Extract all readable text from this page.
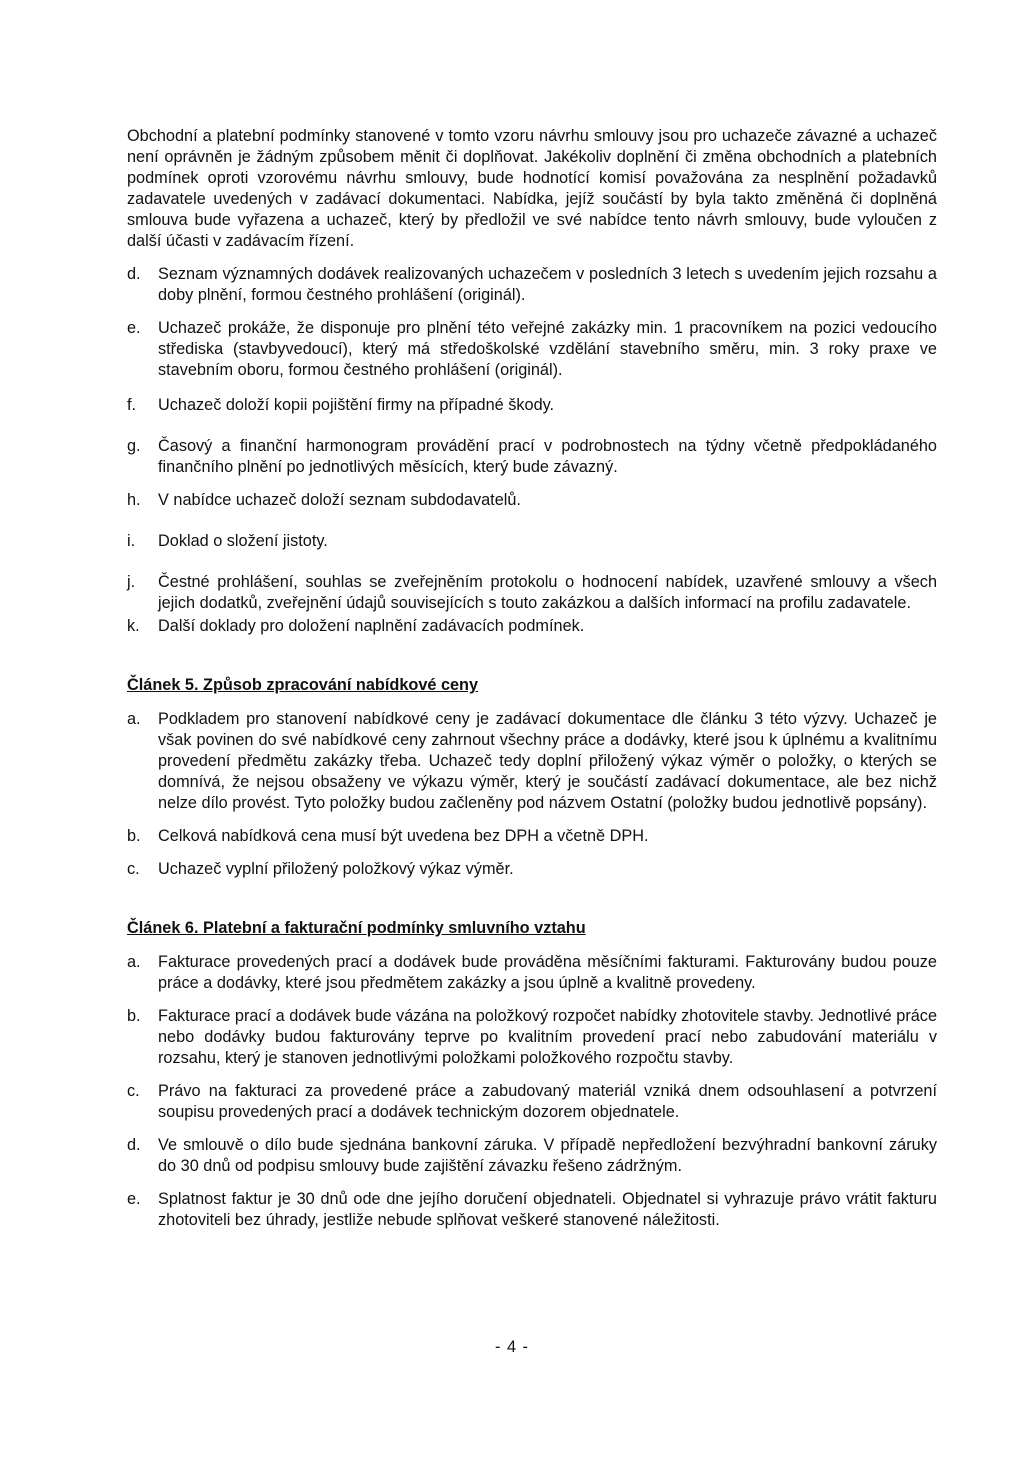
Obchodní a platební podmínky stanovené v tomto vzoru návrhu smlouvy jsou pro uchazeče závazné a uchazeč není oprávněn je žádným způsobem měnit či doplňovat. Jakékoliv doplnění či změna obchodních a platebních podmínek oproti vzorovému návrhu smlouvy, bude hodnotící komisí považována za nesplnění požadavků zadavatele uvedených v zadávací dokumentaci. Nabídka, jejíž součástí by byla takto změněná či doplněná smlouva bude vyřazena a uchazeč, který by předložil ve své nabídce tento návrh smlouvy, bude vyloučen z další účasti v zadávacím řízení.

d. Seznam významných dodávek realizovaných uchazečem v posledních 3 letech s uvedením jejich rozsahu a doby plnění, formou čestného prohlášení (originál).

e. Uchazeč prokáže, že disponuje pro plnění této veřejné zakázky min. 1 pracovníkem na pozici vedoucího střediska (stavbyvedoucí), který má středoškolské vzdělání stavebního směru, min. 3 roky praxe ve stavebním oboru, formou čestného prohlášení (originál).

f. Uchazeč doloží kopii pojištění firmy na případné škody.

g. Časový a finanční harmonogram provádění prací v podrobnostech na týdny včetně předpokládaného finančního plnění po jednotlivých měsících, který bude závazný.

h. V nabídce uchazeč doloží seznam subdodavatelů.

i. Doklad o složení jistoty.

j. Čestné prohlášení, souhlas se zveřejněním protokolu o hodnocení nabídek, uzavřené smlouvy a všech jejich dodatků, zveřejnění údajů souvisejících s touto zakázkou a dalších informací na profilu zadavatele.

k. Další doklady pro doložení naplnění zadávacích podmínek.

Článek 5. Způsob zpracování nabídkové ceny

a. Podkladem pro stanovení nabídkové ceny je zadávací dokumentace dle článku 3 této výzvy. Uchazeč je však povinen do své nabídkové ceny zahrnout všechny práce a dodávky, které jsou k úplnému a kvalitnímu provedení předmětu zakázky třeba. Uchazeč tedy doplní přiložený výkaz výměr o položky, o kterých se domnívá, že nejsou obsaženy ve výkazu výměr, který je součástí zadávací dokumentace, ale bez nichž nelze dílo provést. Tyto položky budou začleněny pod názvem Ostatní (položky budou jednotlivě popsány).

b. Celková nabídková cena musí být uvedena bez DPH a včetně DPH.

c. Uchazeč vyplní přiložený položkový výkaz výměr.

Článek 6. Platební a fakturační podmínky smluvního vztahu

a. Fakturace provedených prací a dodávek bude prováděna měsíčními fakturami. Fakturovány budou pouze práce a dodávky, které jsou předmětem zakázky a jsou úplně a kvalitně provedeny.

b. Fakturace prací a dodávek bude vázána na položkový rozpočet nabídky zhotovitele stavby. Jednotlivé práce nebo dodávky budou fakturovány teprve po kvalitním provedení prací nebo zabudování materiálu v rozsahu, který je stanoven jednotlivými položkami položkového rozpočtu stavby.

c. Právo na fakturaci za provedené práce a zabudovaný materiál vzniká dnem odsouhlasení a potvrzení soupisu provedených prací a dodávek technickým dozorem objednatele.

d. Ve smlouvě o dílo bude sjednána bankovní záruka. V případě nepředložení bezvýhradní bankovní záruky do 30 dnů od podpisu smlouvy bude zajištění závazku řešeno zádržným.

e. Splatnost faktur je 30 dnů ode dne jejího doručení objednateli. Objednatel si vyhrazuje právo vrátit fakturu zhotoviteli bez úhrady, jestliže nebude splňovat veškeré stanovené náležitosti.

- 4 -
